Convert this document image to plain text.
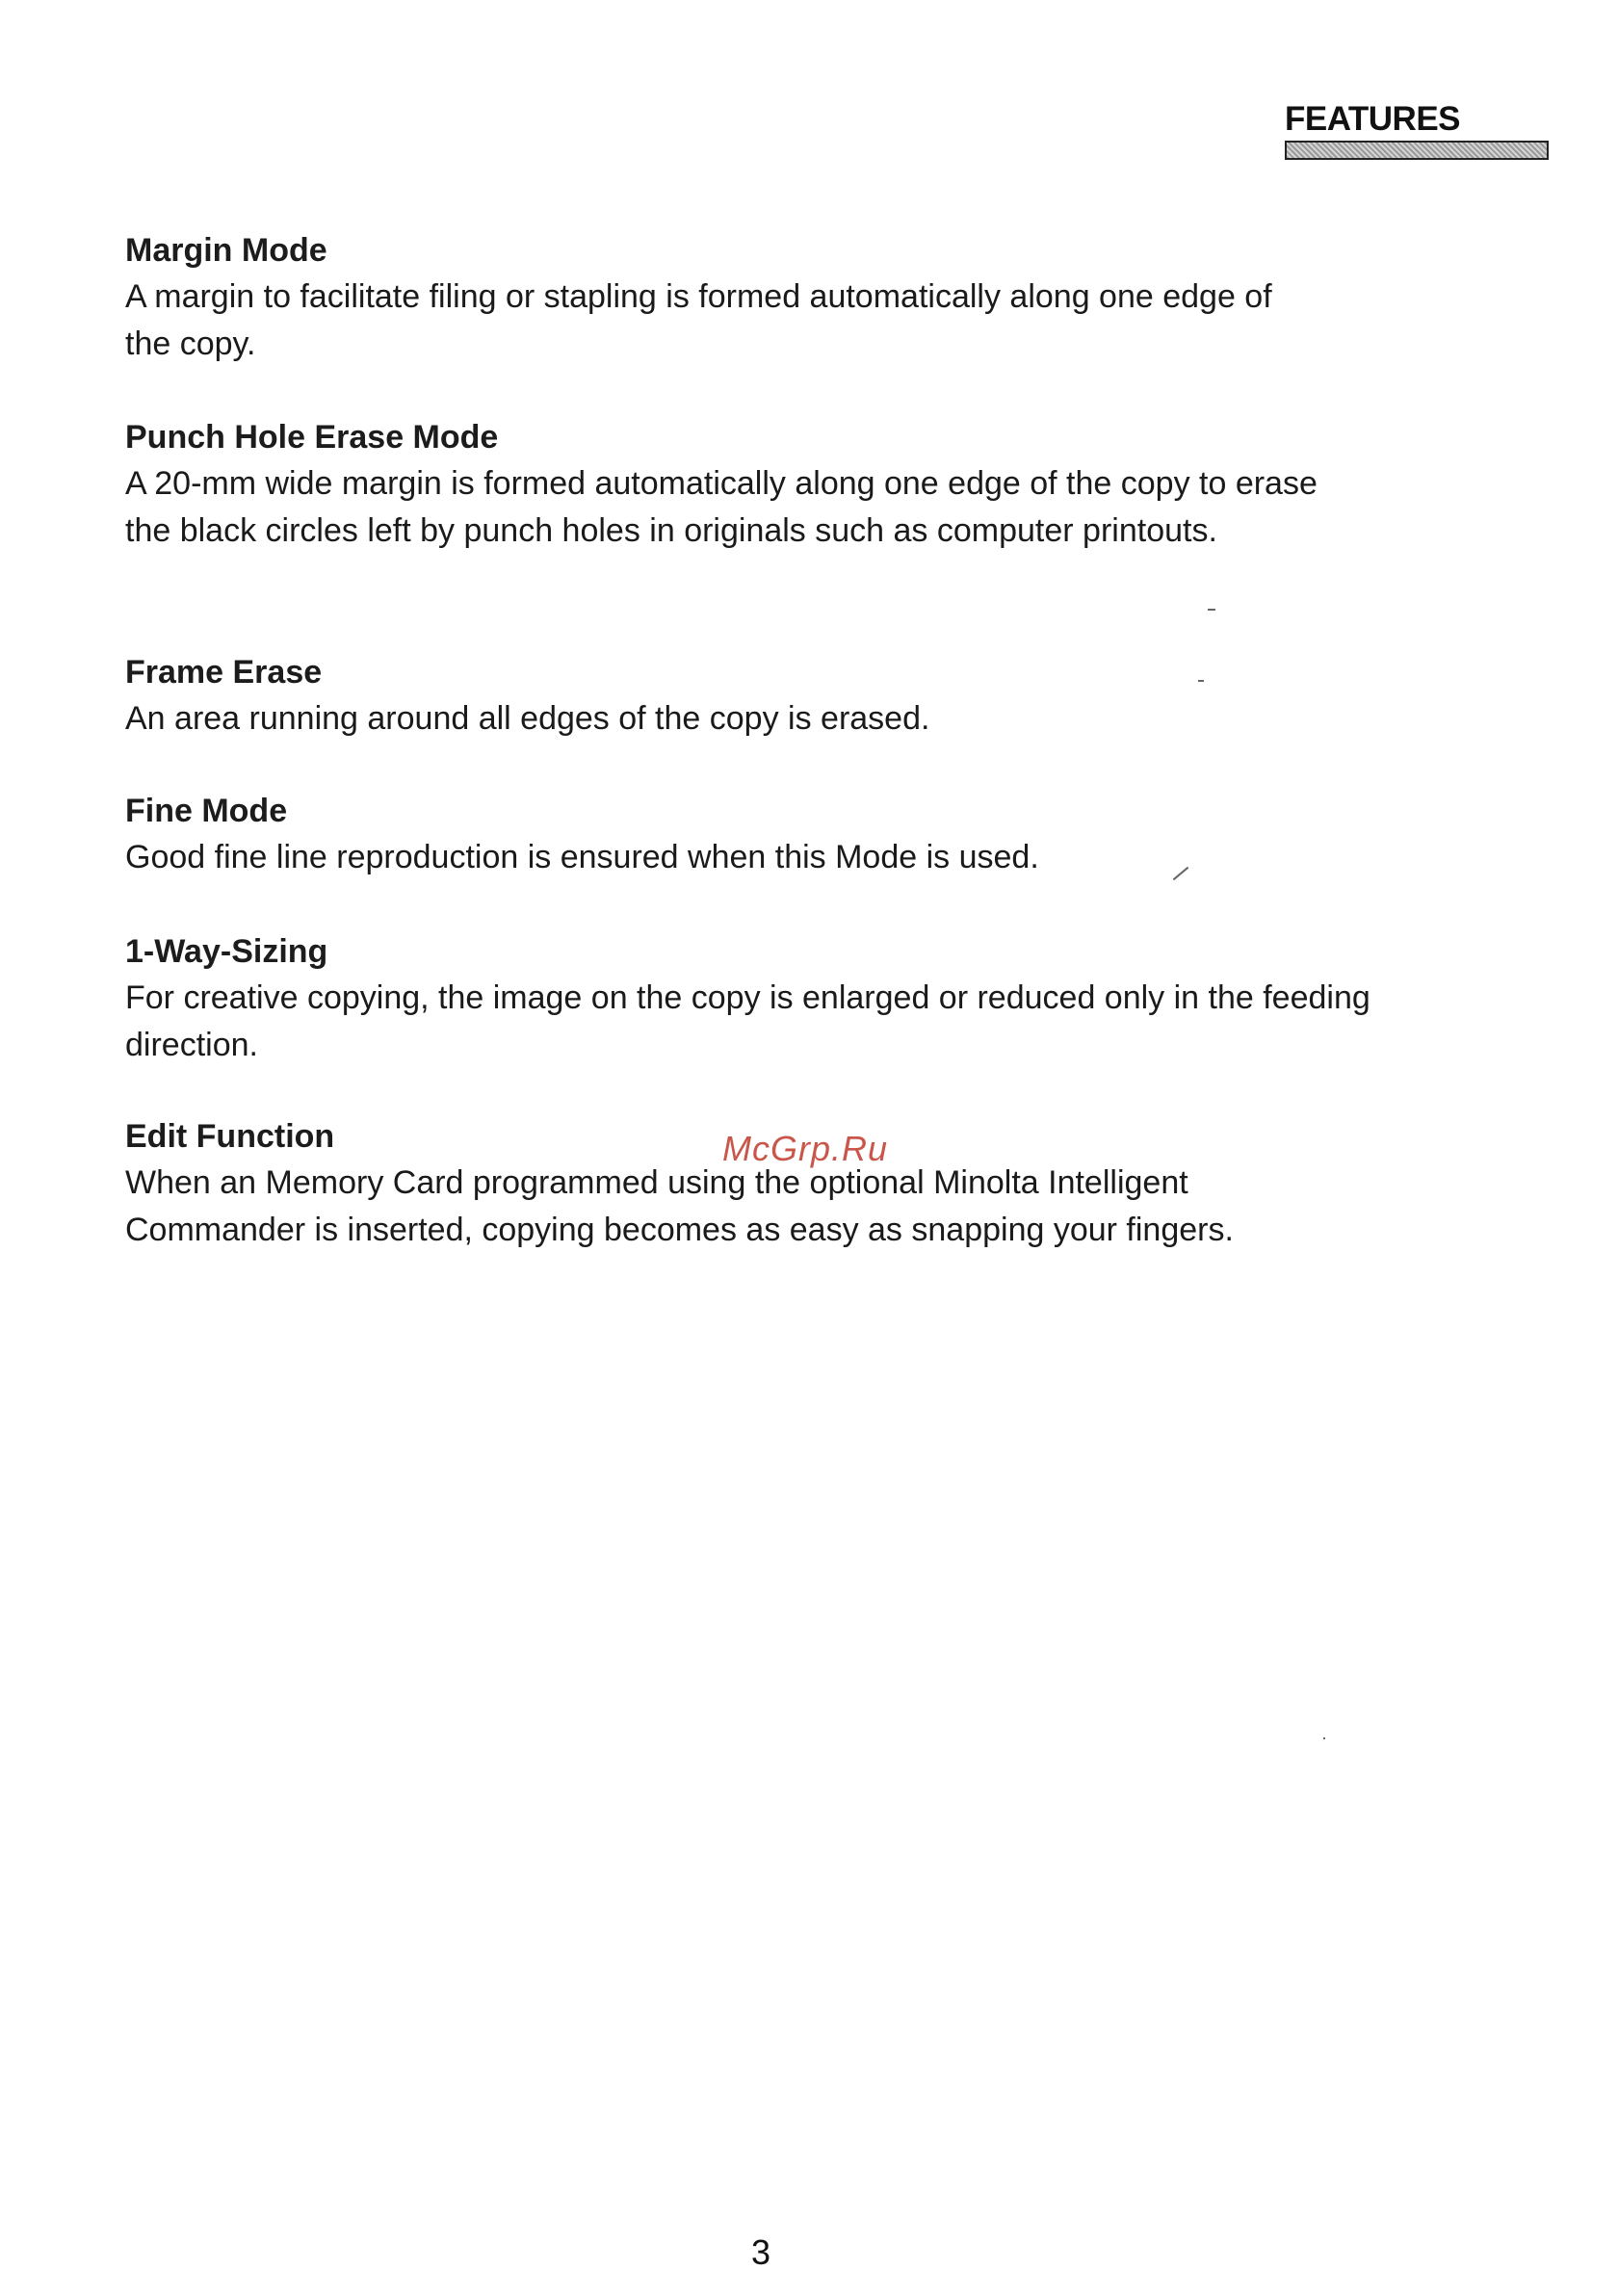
FEATURES
Margin Mode
A margin to facilitate filing or stapling is formed automatically along one edge of the copy.
Punch Hole Erase Mode
A 20-mm wide margin is formed automatically along one edge of the copy to erase the black circles left by punch holes in originals such as computer printouts.
Frame Erase
An area running around all edges of the copy is erased.
Fine Mode
Good fine line reproduction is ensured when this Mode is used.
1-Way-Sizing
For creative copying, the image on the copy is enlarged or reduced only in the feeding direction.
Edit Function
When an Memory Card programmed using the optional Minolta Intelligent Commander is inserted, copying becomes as easy as snapping your fingers.
McGrp.Ru
3
